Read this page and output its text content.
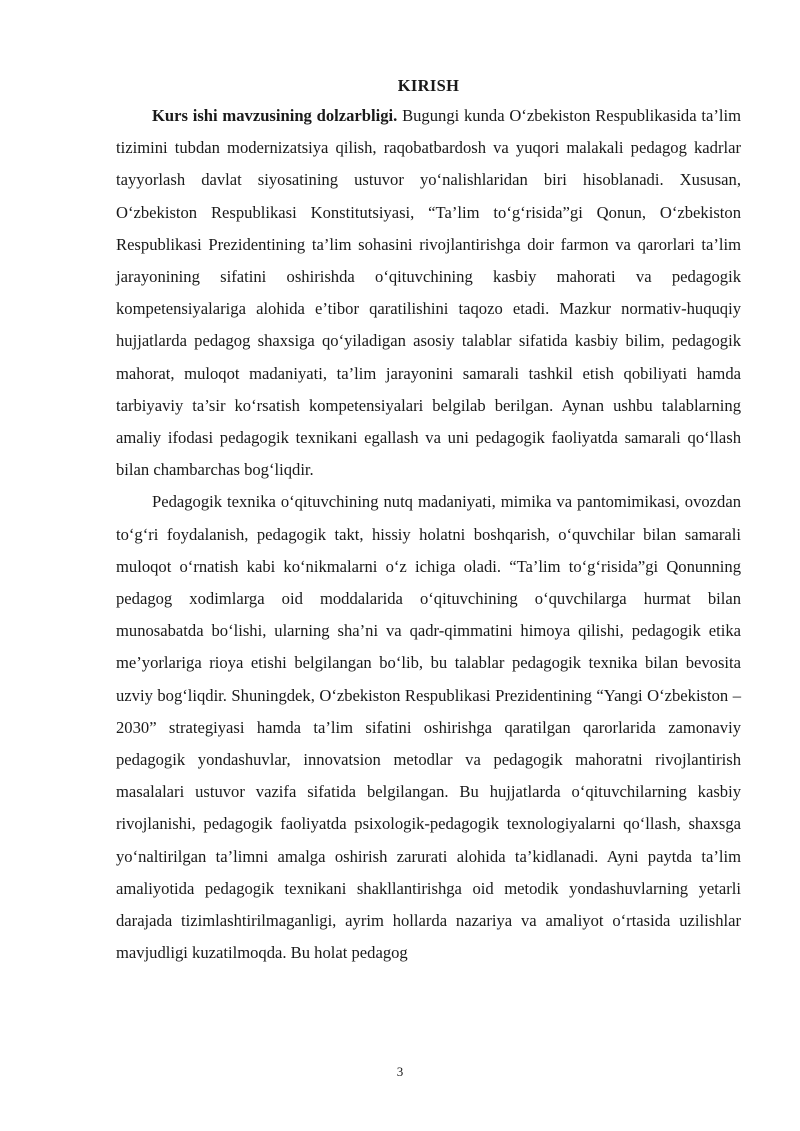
KIRISH

Kurs ishi mavzusining dolzarbligi. Bugungi kunda O‘zbekiston Respublikasida ta’lim tizimini tubdan modernizatsiya qilish, raqobatbardosh va yuqori malakali pedagog kadrlar tayyorlash davlat siyosatining ustuvor yo‘nalishlaridan biri hisoblanadi. Xususan, O‘zbekiston Respublikasi Konstitutsiyasi, “Ta’lim to‘g‘risida”gi Qonun, O‘zbekiston Respublikasi Prezidentining ta’lim sohasini rivojlantirishga doir farmon va qarorlari ta’lim jarayonining sifatini oshirishda o‘qituvchining kasbiy mahorati va pedagogik kompetensiyalariga alohida e’tibor qaratilishini taqozo etadi. Mazkur normativ-huquqiy hujjatlarda pedagog shaxsiga qo‘yiladigan asosiy talablar sifatida kasbiy bilim, pedagogik mahorat, muloqot madaniyati, ta’lim jarayonini samarali tashkil etish qobiliyati hamda tarbiyaviy ta’sir ko‘rsatish kompetensiyalari belgilab berilgan. Aynan ushbu talablarning amaliy ifodasi pedagogik texnikani egallash va uni pedagogik faoliyatda samarali qo‘llash bilan chambarchas bog‘liqdir.

Pedagogik texnika o‘qituvchining nutq madaniyati, mimika va pantomimikasi, ovozdan to‘g‘ri foydalanish, pedagogik takt, hissiy holatni boshqarish, o‘quvchilar bilan samarali muloqot o‘rnatish kabi ko‘nikmalarni o‘z ichiga oladi. “Ta’lim to‘g‘risida”gi Qonunning pedagog xodimlarga oid moddalarida o‘qituvchining o‘quvchilarga hurmat bilan munosabatda bo‘lishi, ularning sha’ni va qadr-qimmatini himoya qilishi, pedagogik etika me’yorlariga rioya etishi belgilangan bo‘lib, bu talablar pedagogik texnika bilan bevosita uzviy bog‘liqdir. Shuningdek, O‘zbekiston Respublikasi Prezidentining “Yangi O‘zbekiston – 2030” strategiyasi hamda ta’lim sifatini oshirishga qaratilgan qarorlarida zamonaviy pedagogik yondashuvlar, innovatsion metodlar va pedagogik mahoratni rivojlantirish masalalari ustuvor vazifa sifatida belgilangan. Bu hujjatlarda o‘qituvchilarning kasbiy rivojlanishi, pedagogik faoliyatda psixologik-pedagogik texnologiyalarni qo‘llash, shaxsga yo‘naltirilgan ta’limni amalga oshirish zarurati alohida ta’kidlanadi. Ayni paytda ta’lim amaliyotida pedagogik texnikani shakllantirishga oid metodik yondashuvlarning yetarli darajada tizimlashtirilmaganligi, ayrim hollarda nazariya va amaliyot o‘rtasida uzilishlar mavjudligi kuzatilmoqda. Bu holat pedagog

3
